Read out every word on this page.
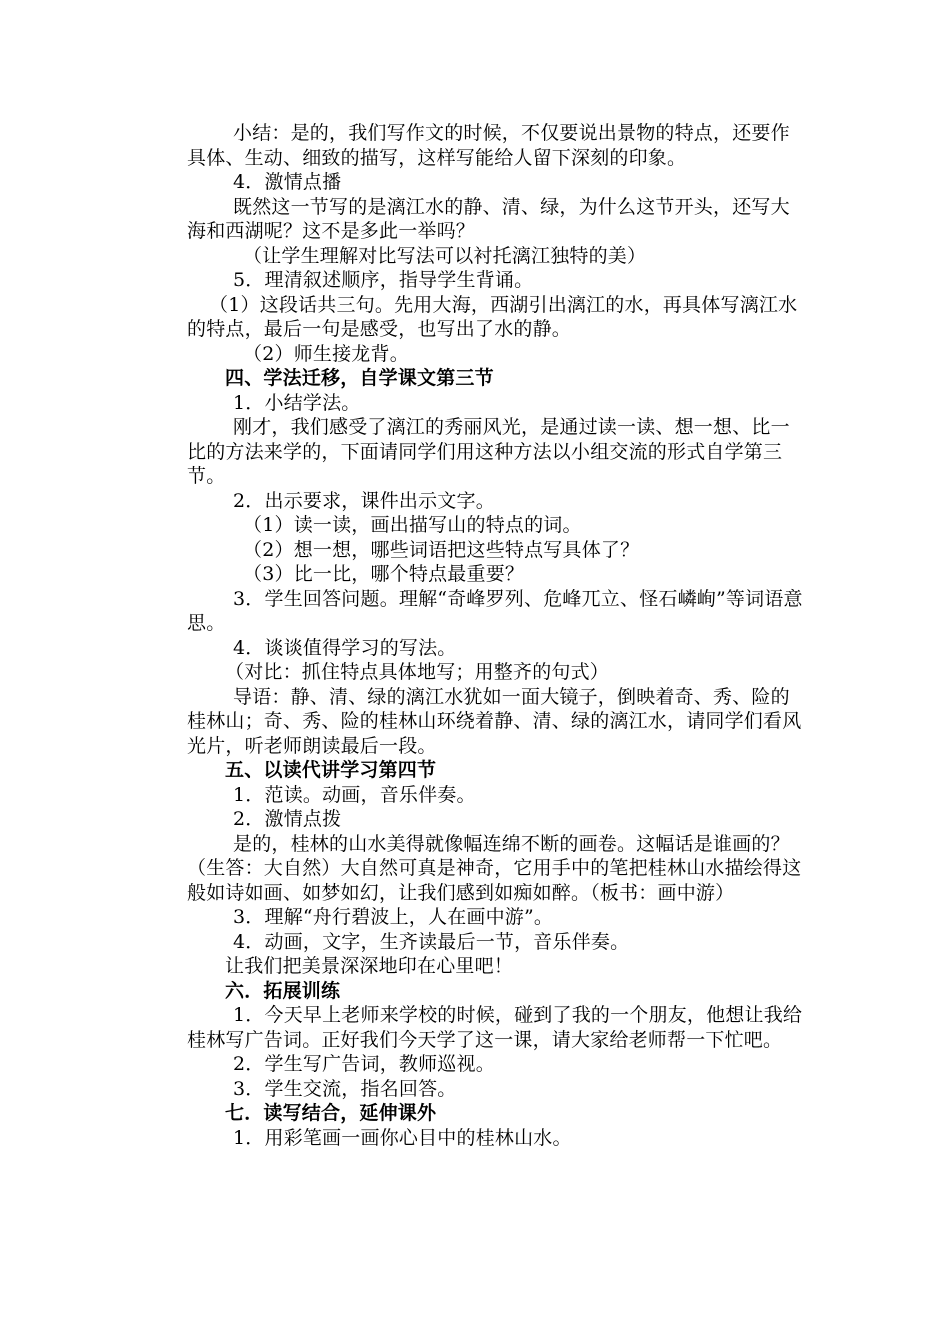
小结：是的，我们写作文的时候，不仅要说出景物的特点，还要作具体、生动、细致的描写，这样写能给人留下深刻的印象。

4．激情点播

既然这一节写的是漓江水的静、清、绿，为什么这节开头，还写大海和西湖呢？这不是多此一举吗？

（让学生理解对比写法可以衬托漓江独特的美）

5．理清叙述顺序，指导学生背诵。

（1）这段话共三句。先用大海，西湖引出漓江的水，再具体写漓江水的特点，最后一句是感受，也写出了水的静。

（2）师生接龙背。

四、学法迁移，自学课文第三节

1．小结学法。

刚才，我们感受了漓江的秀丽风光，是通过读一读、想一想、比一比的方法来学的，下面请同学们用这种方法以小组交流的形式自学第三节。

2．出示要求，课件出示文字。

（1）读一读，画出描写山的特点的词。

（2）想一想，哪些词语把这些特点写具体了？

（3）比一比，哪个特点最重要？

3．学生回答问题。理解“奇峰罗列、危峰兀立、怪石嶙峋”等词语意思。

4．谈谈值得学习的写法。

（对比：抓住特点具体地写；用整齐的句式）

导语：静、清、绿的漓江水犹如一面大镜子，倒映着奇、秀、险的桂林山；奇、秀、险的桂林山环绕着静、清、绿的漓江水，请同学们看风光片，听老师朗读最后一段。

五、以读代讲学习第四节

1．范读。动画，音乐伴奏。

2．激情点拨

是的，桂林的山水美得就像幅连绵不断的画卷。这幅话是谁画的？（生答：大自然）大自然可真是神奇，它用手中的笔把桂林山水描绘得这般如诗如画、如梦如幻，让我们感到如痴如醉。（板书：画中游）

3．理解“舟行碧波上，人在画中游”。

4．动画，文字，生齐读最后一节，音乐伴奏。

让我们把美景深深地印在心里吧！

六．拓展训练

1．今天早上老师来学校的时候，碰到了我的一个朋友，他想让我给桂林写广告词。正好我们今天学了这一课，请大家给老师帮一下忙吧。

2．学生写广告词，教师巡视。

3．学生交流，指名回答。

七．读写结合，延伸课外

1．用彩笔画一画你心目中的桂林山水。
